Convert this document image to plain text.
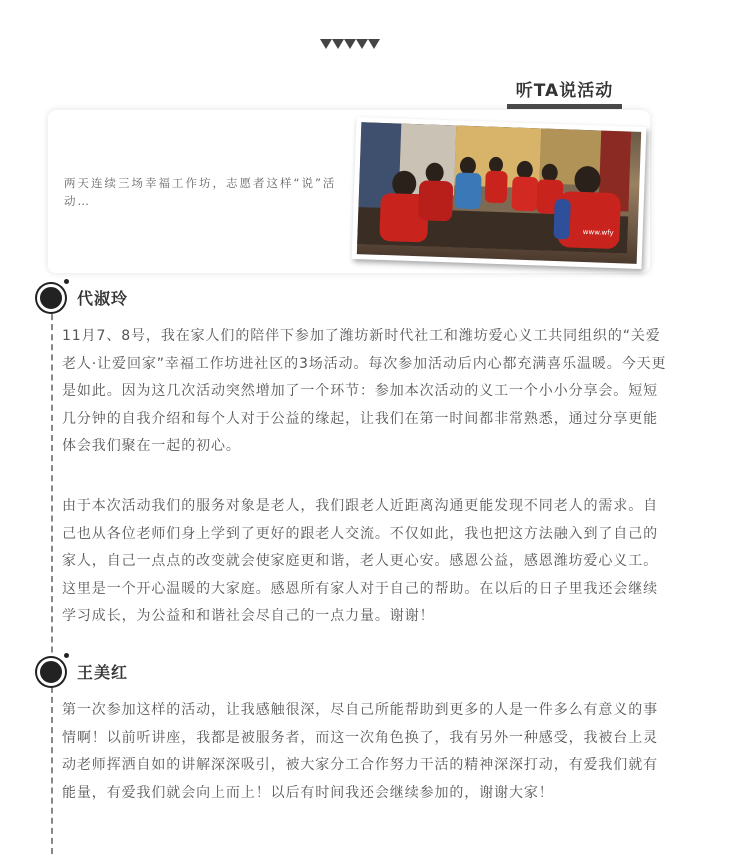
听TA说活动
两天连续三场幸福工作坊，志愿者这样“说”活动…
www.wfy
代淑玲

11月7、8号，我在家人们的陪伴下参加了潍坊新时代社工和潍坊爱心义工共同组织的“关爱老人·让爱回家”幸福工作坊进社区的3场活动。每次参加活动后内心都充满喜乐温暖。今天更是如此。因为这几次活动突然增加了一个环节：参加本次活动的义工一个小小分享会。短短几分钟的自我介绍和每个人对于公益的缘起，让我们在第一时间都非常熟悉，通过分享更能体会我们聚在一起的初心。

由于本次活动我们的服务对象是老人，我们跟老人近距离沟通更能发现不同老人的需求。自己也从各位老师们身上学到了更好的跟老人交流。不仅如此，我也把这方法融入到了自己的家人，自己一点点的改变就会使家庭更和谐，老人更心安。感恩公益，感恩潍坊爱心义工。这里是一个开心温暖的大家庭。感恩所有家人对于自己的帮助。在以后的日子里我还会继续学习成长，为公益和和谐社会尽自己的一点力量。谢谢！

王美红

第一次参加这样的活动，让我感触很深，尽自己所能帮助到更多的人是一件多么有意义的事情啊！以前听讲座，我都是被服务者，而这一次角色换了，我有另外一种感受，我被台上灵动老师挥洒自如的讲解深深吸引，被大家分工合作努力干活的精神深深打动，有爱我们就有能量，有爱我们就会向上而上！以后有时间我还会继续参加的，谢谢大家！
